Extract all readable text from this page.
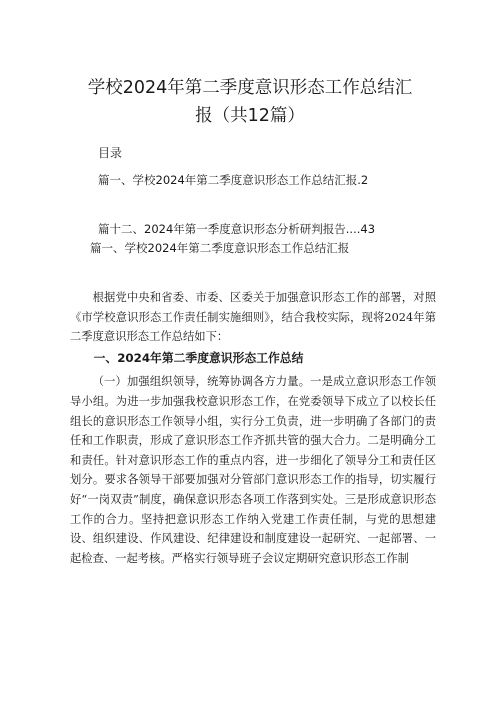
学校2024年第二季度意识形态工作总结汇
报（共12篇）
目录
篇一、学校2024年第二季度意识形态工作总结汇报.2
篇十二、2024年第一季度意识形态分析研判报告....43
篇一、学校2024年第二季度意识形态工作总结汇报

根据党中央和省委、市委、区委关于加强意识形态工作的部署，对照《市学校意识形态工作责任制实施细则》，结合我校实际，现将2024年第二季度意识形态工作总结如下：

一、2024年第二季度意识形态工作总结

（一）加强组织领导，统筹协调各方力量。一是成立意识形态工作领导小组。为进一步加强我校意识形态工作，在党委领导下成立了以校长任组长的意识形态工作领导小组，实行分工负责，进一步明确了各部门的责任和工作职责，形成了意识形态工作齐抓共管的强大合力。二是明确分工和责任。针对意识形态工作的重点内容，进一步细化了领导分工和责任区划分。要求各领导干部要加强对分管部门意识形态工作的指导，切实履行好“一岗双责”制度，确保意识形态各项工作落到实处。三是形成意识形态工作的合力。坚持把意识形态工作纳入党建工作责任制，与党的思想建设、组织建设、作风建设、纪律建设和制度建设一起研究、一起部署、一起检查、一起考核。严格实行领导班子会议定期研究意识形态工作制
